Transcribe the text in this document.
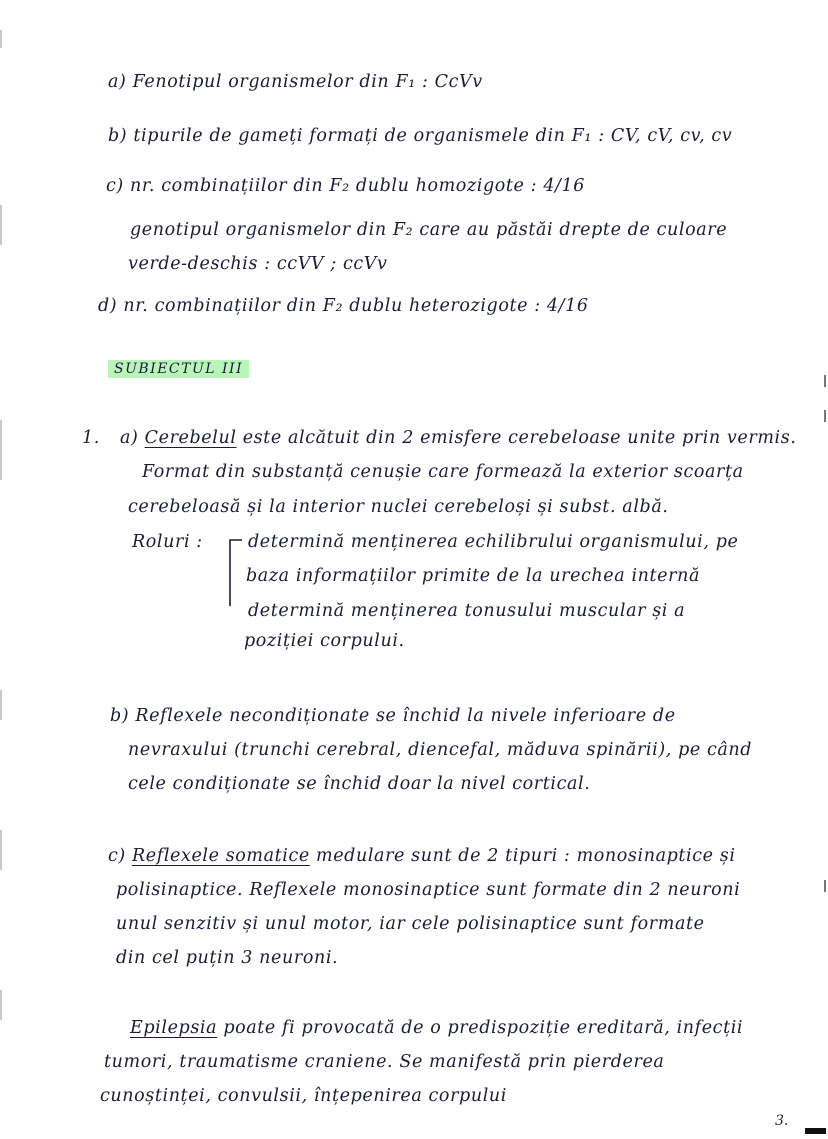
a) Fenotipul organismelor din F₁ : CcVv
b) tipurile de gameți formați de organismele din F₁ : CV, cV, cv, cv
c) nr. combinațiilor din F₂ dublu homozigote : 4/16
genotipul organismelor din F₂ care au păstăi drepte de culoare
verde-deschis : ccVV ; ccVv
d) nr. combinațiilor din F₂ dublu heterozigote : 4/16
SUBIECTUL III
1. a) Cerebelul este alcătuit din 2 emisfere cerebeloase unite prin vermis.
Format din substanță cenușie care formează la exterior scoarța
cerebeloasă și la interior nuclei cerebeloși și subst. albă.
Roluri :	determină menținerea echilibrului organismului, pe
baza informațiilor primite de la urechea internă
determină menținerea tonusului muscular și a
poziției corpului.
b) Reflexele necondiționate se închid la nivele inferioare de
nevraxului (trunchi cerebral, diencefal, măduva spinării), pe când
cele condiționate se închid doar la nivel cortical.
c) Reflexele somatice medulare sunt de 2 tipuri : monosinaptice și
polisinaptice. Reflexele monosinaptice sunt formate din 2 neuroni
unul senzitiv și unul motor, iar cele polisinaptice sunt formate
din cel puțin 3 neuroni.
Epilepsia poate fi provocată de o predispoziție ereditară, infecții
tumori, traumatisme craniene. Se manifestă prin pierderea
cunoștinței, convulsii, înțepenirea corpului
3.
